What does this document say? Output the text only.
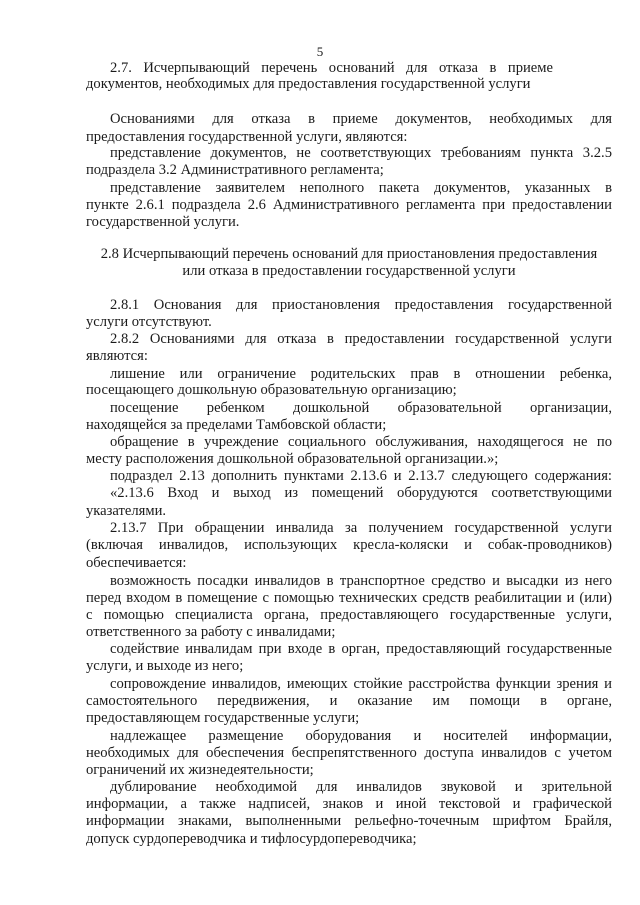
5
2.7. Исчерпывающий перечень оснований для отказа в приеме
документов, необходимых для предоставления государственной услуги
Основаниями для отказа в приеме документов, необходимых для
предоставления государственной услуги, являются:
представление документов, не соответствующих требованиям пункта 3.2.5
подраздела 3.2 Административного регламента;
представление заявителем неполного пакета документов, указанных в
пункте 2.6.1 подраздела 2.6 Административного регламента при предоставлении
государственной услуги.
2.8 Исчерпывающий перечень оснований для приостановления предоставления
или отказа в предоставлении государственной услуги
2.8.1 Основания для приостановления предоставления государственной
услуги отсутствуют.
2.8.2 Основаниями для отказа в предоставлении государственной услуги
являются:
лишение или ограничение родительских прав в отношении ребенка,
посещающего дошкольную образовательную организацию;
посещение ребенком дошкольной образовательной организации,
находящейся за пределами Тамбовской области;
обращение в учреждение социального обслуживания, находящегося не по
месту расположения дошкольной образовательной организации.»;
подраздел 2.13 дополнить пунктами 2.13.6 и 2.13.7 следующего содержания:
«2.13.6 Вход и выход из помещений оборудуются соответствующими
указателями.
2.13.7 При обращении инвалида за получением государственной услуги
(включая инвалидов, использующих кресла-коляски и собак-проводников)
обеспечивается:
возможность посадки инвалидов в транспортное средство и высадки из него
перед входом в помещение с помощью технических средств реабилитации и (или)
с помощью специалиста органа, предоставляющего государственные услуги,
ответственного за работу с инвалидами;
содействие инвалидам при входе в орган, предоставляющий государственные
услуги, и выходе из него;
сопровождение инвалидов, имеющих стойкие расстройства функции зрения и
самостоятельного передвижения, и оказание им помощи в органе,
предоставляющем государственные услуги;
надлежащее размещение оборудования и носителей информации,
необходимых для обеспечения беспрепятственного доступа инвалидов с учетом
ограничений их жизнедеятельности;
дублирование необходимой для инвалидов звуковой и зрительной
информации, а также надписей, знаков и иной текстовой и графической
информации знаками, выполненными рельефно-точечным шрифтом Брайля,
допуск сурдопереводчика и тифлосурдопереводчика;
